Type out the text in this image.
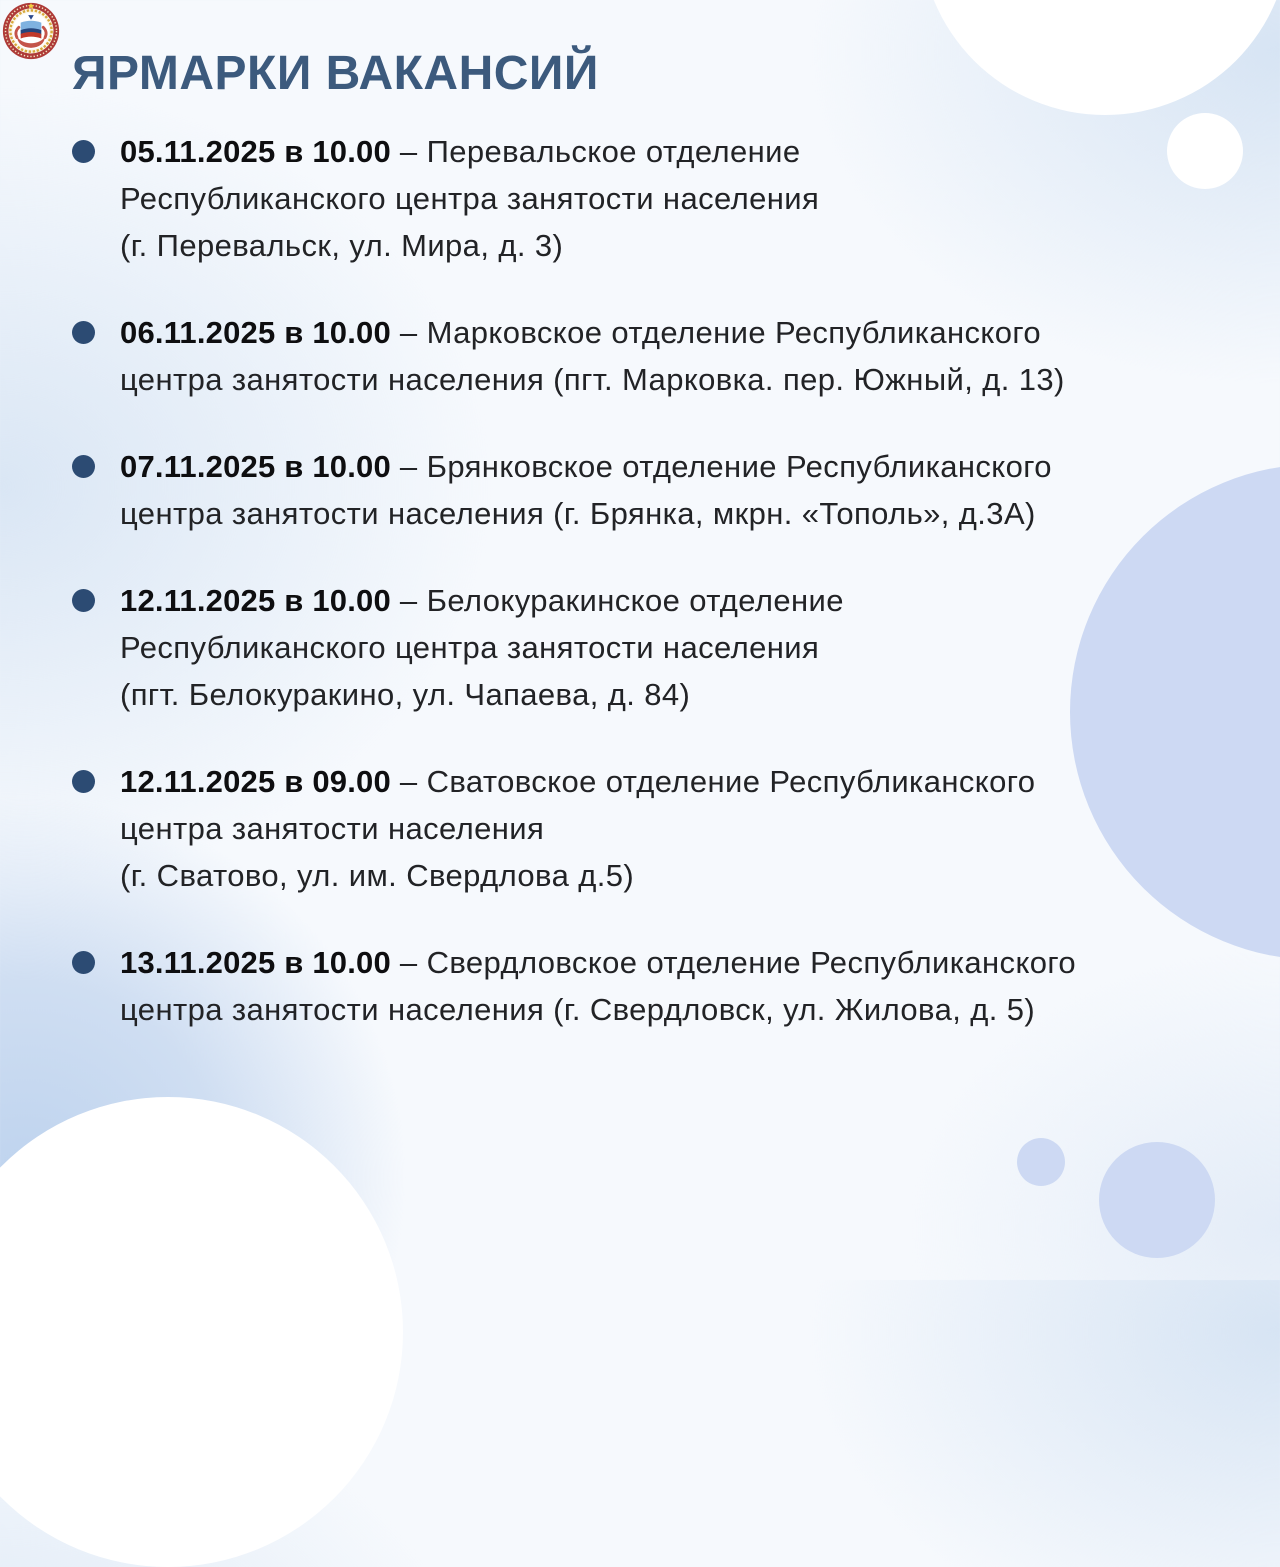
ЯРМАРКИ ВАКАНСИЙ

05.11.2025 в 10.00 – Перевальское отделение

Республиканского центра занятости населения

(г. Перевальск, ул. Мира, д. 3)

06.11.2025 в 10.00 – Марковское отделение Республиканского

центра занятости населения (пгт. Марковка. пер. Южный, д. 13)

07.11.2025 в 10.00 – Брянковское отделение Республиканского

центра занятости населения (г. Брянка, мкрн. «Тополь», д.3А)

12.11.2025 в 10.00 – Белокуракинское отделение

Республиканского центра занятости населения

(пгт. Белокуракино, ул. Чапаева, д. 84)

12.11.2025 в 09.00 – Сватовское отделение Республиканского

центра занятости населения

(г. Сватово, ул. им. Свердлова д.5)

13.11.2025 в 10.00 – Свердловское отделение Республиканского

центра занятости населения (г. Свердловск, ул. Жилова, д. 5)
